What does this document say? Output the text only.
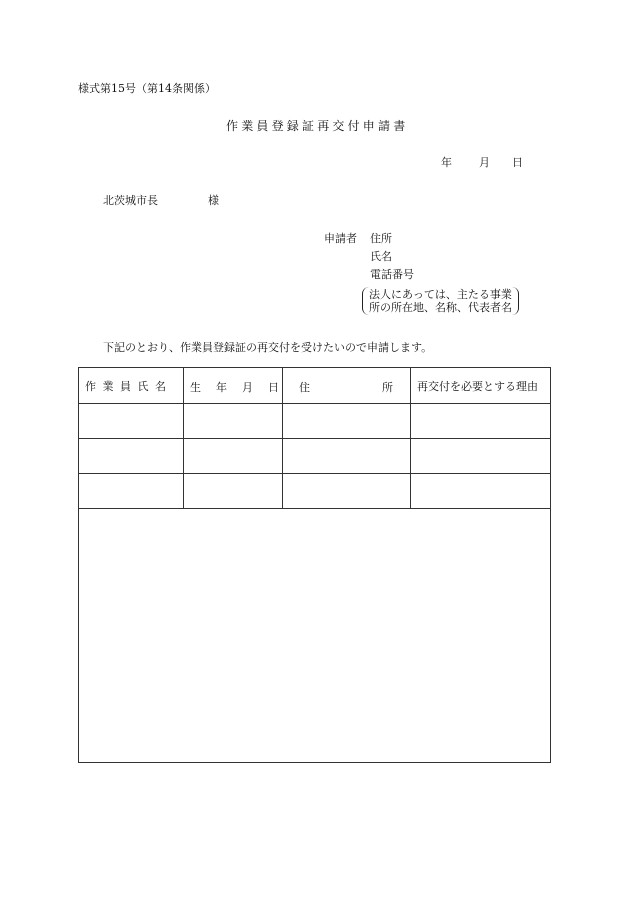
様式第15号（第14条関係）
作業員登録証再交付申請書
年 月 日
北茨城市長	様
申請者 住所
氏名
電話番号
法人にあっては、主たる事業
所の所在地、名称、代表者名
下記のとおり、作業員登録証の再交付を受けたいので申請します。
作業員氏名	生 年 月 日	住 所	再交付を必要とする理由
